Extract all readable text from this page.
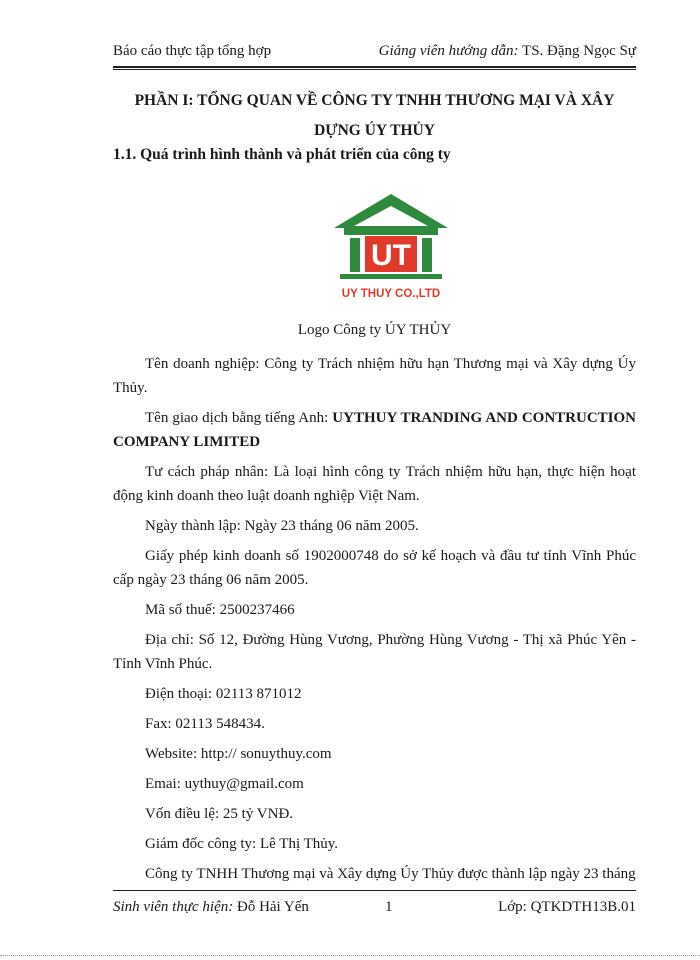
Báo cáo thực tập tổng hợp	Giảng viên hướng dẫn: TS. Đặng Ngọc Sự
PHẦN I: TỔNG QUAN VỀ CÔNG TY TNHH THƯƠNG MẠI VÀ XÂY
DỰNG ÚY THỦY
1.1. Quá trình hình thành và phát triển của công ty
UT
UY THUY CO.,LTD
Logo Công ty ÚY THỦY

Tên doanh nghiệp: Công ty Trách nhiệm hữu hạn Thương mại và Xây dựng Úy Thủy.

Tên giao dịch bằng tiếng Anh: UYTHUY TRANDING AND CONTRUCTION COMPANY LIMITED

Tư cách pháp nhân: Là loại hình công ty Trách nhiệm hữu hạn, thực hiện hoạt động kinh doanh theo luật doanh nghiệp Việt Nam.

Ngày thành lập: Ngày 23 tháng 06 năm 2005.

Giấy phép kinh doanh số 1902000748 do sở kế hoạch và đầu tư tỉnh Vĩnh Phúc cấp ngày 23 tháng 06 năm 2005.

Mã số thuế: 2500237466

Địa chỉ: Số 12, Đường Hùng Vương, Phường Hùng Vương - Thị xã Phúc Yên - Tỉnh Vĩnh Phúc.

Điện thoại: 02113 871012

Fax: 02113 548434.

Website: http:// sonuythuy.com

Emai: uythuy@gmail.com

Vốn điều lệ: 25 tỷ VNĐ.

Giám đốc công ty: Lê Thị Thủy.

Công ty TNHH Thương mại và Xây dựng Úy Thủy được thành lập ngày 23 tháng

Sinh viên thực hiện: Đỗ Hải Yến	1	Lớp: QTKDTH13B.01
